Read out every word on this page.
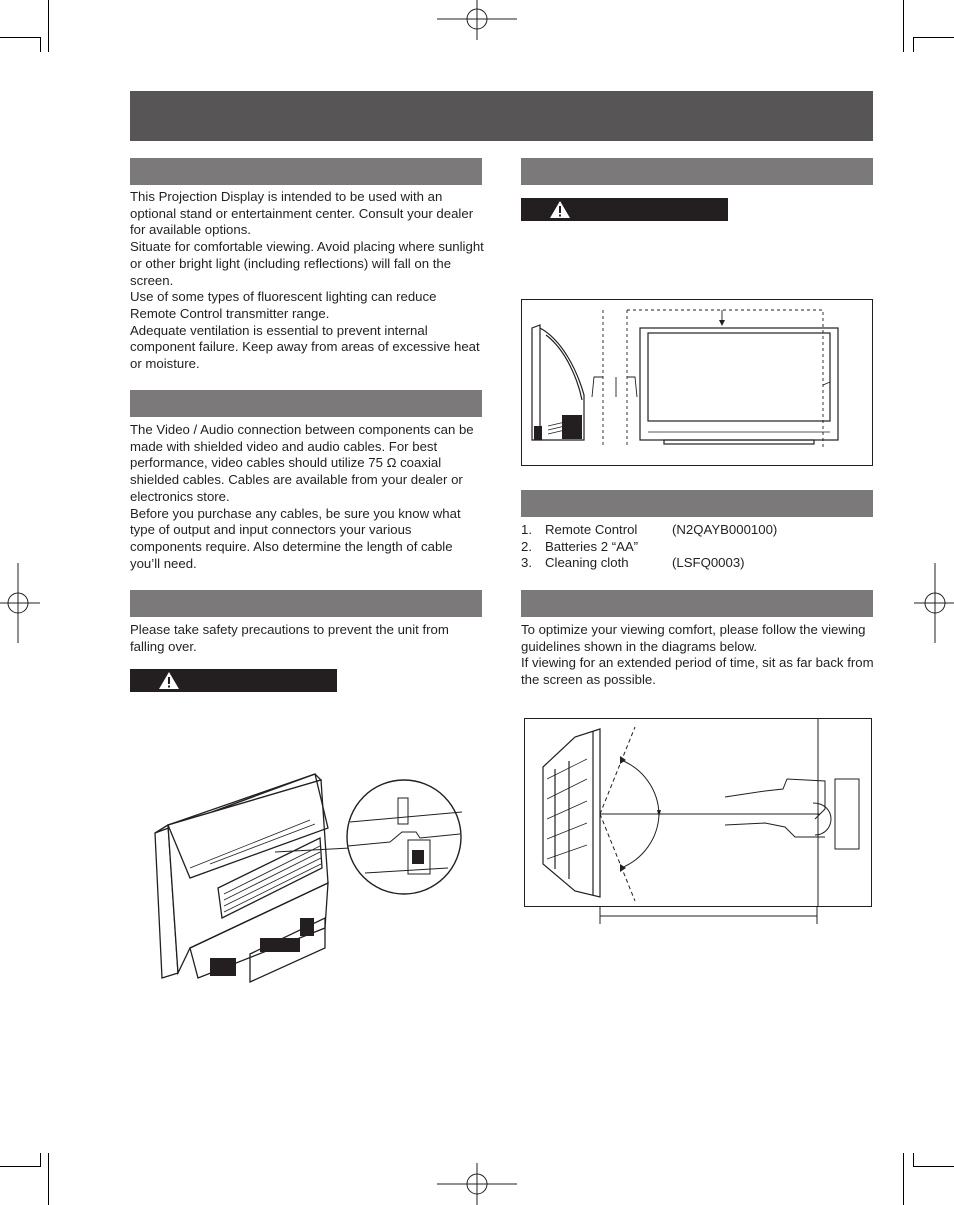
This Projection Display is intended to be used with an optional stand or entertainment center. Consult your dealer for available options.

Situate for comfortable viewing. Avoid placing where sunlight or other bright light (including reflections) will fall on the screen.

Use of some types of fluorescent lighting can reduce Remote Control transmitter range.

Adequate ventilation is essential to prevent internal component failure. Keep away from areas of excessive heat or moisture.

The Video / Audio connection between components can be made with shielded video and audio cables. For best performance, video cables should utilize 75 Ω coaxial shielded cables. Cables are available from your dealer or electronics store.

Before you purchase any cables, be sure you know what type of output and input connectors your various components require. Also determine the length of cable you’ll need.

Please take safety precautions to prevent the unit from falling over.

1. Remote Control	(N2QAYB000100)
2. Batteries 2 “AA”
3. Cleaning cloth	(LSFQ0003)

To optimize your viewing comfort, please follow the viewing guidelines shown in the diagrams below.

If viewing for an extended period of time, sit as far back from the screen as possible.
